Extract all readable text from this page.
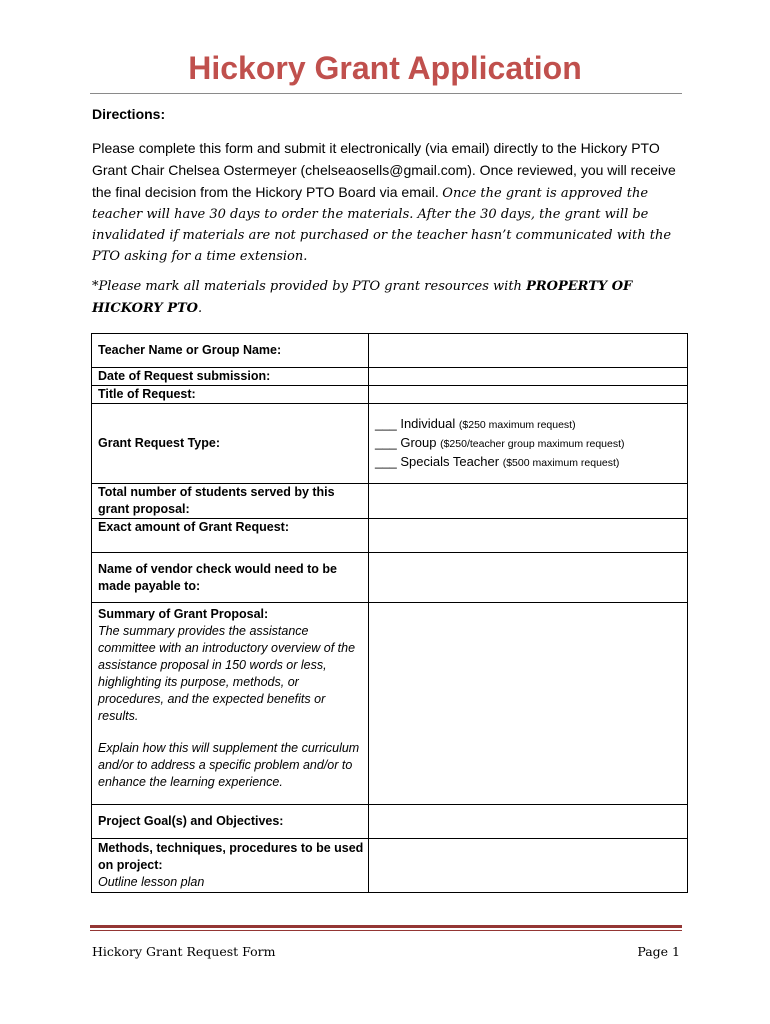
Hickory Grant Application
Directions:

Please complete this form and submit it electronically (via email) directly to the Hickory PTO Grant Chair Chelsea Ostermeyer (chelseaosells@gmail.com). Once reviewed, you will receive the final decision from the Hickory PTO Board via email. Once the grant is approved the teacher will have 30 days to order the materials. After the 30 days, the grant will be invalidated if materials are not purchased or the teacher hasn’t communicated with the PTO asking for a time extension.

*Please mark all materials provided by PTO grant resources with PROPERTY OF HICKORY PTO.

Teacher Name or Group Name:	
Date of Request submission:	
Title of Request:	
Grant Request Type:	___ Individual ($250 maximum request)
___ Group ($250/teacher group maximum request)
___ Specials Teacher ($500 maximum request)

Total number of students served by this grant proposal:	
Exact amount of Grant Request:	
Name of vendor check would need to be made payable to:	
Summary of Grant Proposal:
The summary provides the assistance committee with an introductory overview of the assistance proposal in 150 words or less, highlighting its purpose, methods, or procedures, and the expected benefits or results.
Explain how this will supplement the curriculum and/or to address a specific problem and/or to enhance the learning experience.	

Project Goal(s) and Objectives:	
Methods, techniques, procedures to be used on project:
Outline lesson plan	

Hickory Grant Request Form	Page 1
